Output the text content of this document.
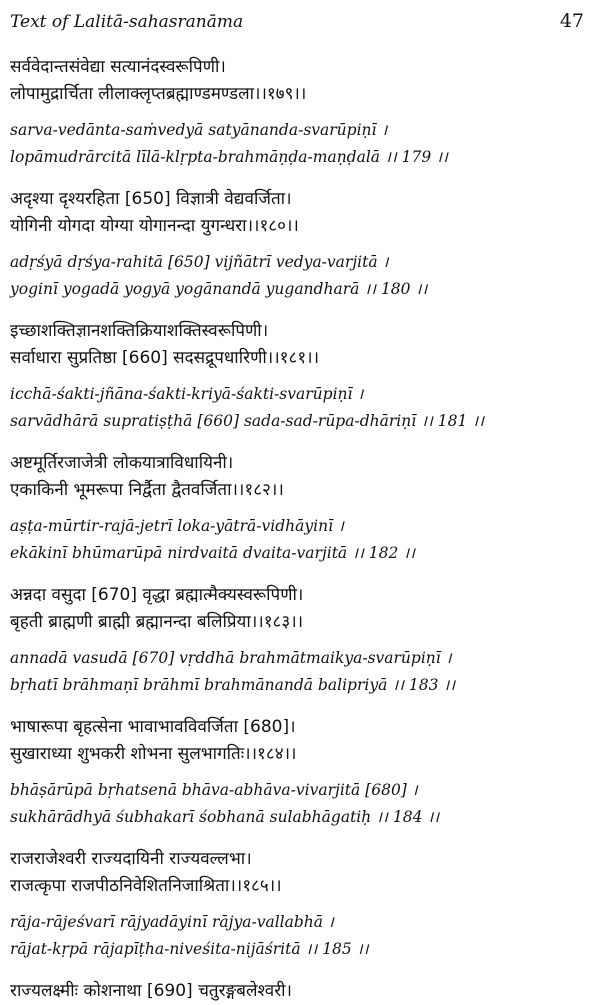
Text of Lalitā-sahasranāma	47
सर्ववेदान्तसंवेद्या सत्यानंदस्वरूपिणी।
लोपामुद्रार्चिता लीलाक्लृप्तब्रह्माण्डमण्डला।।१७९।।
sarva-vedānta-saṁvedyā satyānanda-svarūpiṇī ।
lopāmudrārcitā līlā-klṛpta-brahmāṇḍa-maṇḍalā ।। 179 ।।
अदृश्या दृश्यरहिता [650] विज्ञात्री वेद्यवर्जिता।
योगिनी योगदा योग्या योगानन्दा युगन्धरा।।१८०।।
adṛśyā dṛśya-rahitā [650] vijñātrī vedya-varjitā ।
yoginī yogadā yogyā yogānandā yugandharā ।। 180 ।।
इच्छाशक्तिज्ञानशक्तिक्रियाशक्तिस्वरूपिणी।
सर्वाधारा सुप्रतिष्ठा [660] सदसद्रूपधारिणी।।१८१।।
icchā-śakti-jñāna-śakti-kriyā-śakti-svarūpiṇī ।
sarvādhārā supratiṣṭhā [660] sada-sad-rūpa-dhāriṇī ।। 181 ।।
अष्टमूर्तिरजाजेत्री लोकयात्राविधायिनी।
एकाकिनी भूमरूपा निर्द्वैता द्वैतवर्जिता।।१८२।।
aṣṭa-mūrtir-rajā-jetrī loka-yātrā-vidhāyinī ।
ekākinī bhūmarūpā nirdvaitā dvaita-varjitā ।। 182 ।।
अन्नदा वसुदा [670] वृद्धा ब्रह्मात्मैक्यस्वरूपिणी।
बृहती ब्राह्मणी ब्राह्मी ब्रह्मानन्दा बलिप्रिया।।१८३।।
annadā vasudā [670] vṛddhā brahmātmaikya-svarūpiṇī ।
bṛhatī brāhmaṇī brāhmī brahmānandā balipriyā ।। 183 ।।
भाषारूपा बृहत्सेना भावाभावविवर्जिता [680]।
सुखाराध्या शुभकरी शोभना सुलभागतिः।।१८४।।
bhāṣārūpā bṛhatsenā bhāva-abhāva-vivarjitā [680] ।
sukhārādhyā śubhakarī śobhanā sulabhāgatiḥ ।। 184 ।।
राजराजेश्वरी राज्यदायिनी राज्यवल्लभा।
राजत्कृपा राजपीठनिवेशितनिजाश्रिता।।१८५।।
rāja-rājeśvarī rājyadāyinī rājya-vallabhā ।
rājat-kṛpā rājapīṭha-niveśita-nijāśritā ।। 185 ।।
राज्यलक्ष्मीः कोशनाथा [690] चतुरङ्गबलेश्वरी।
